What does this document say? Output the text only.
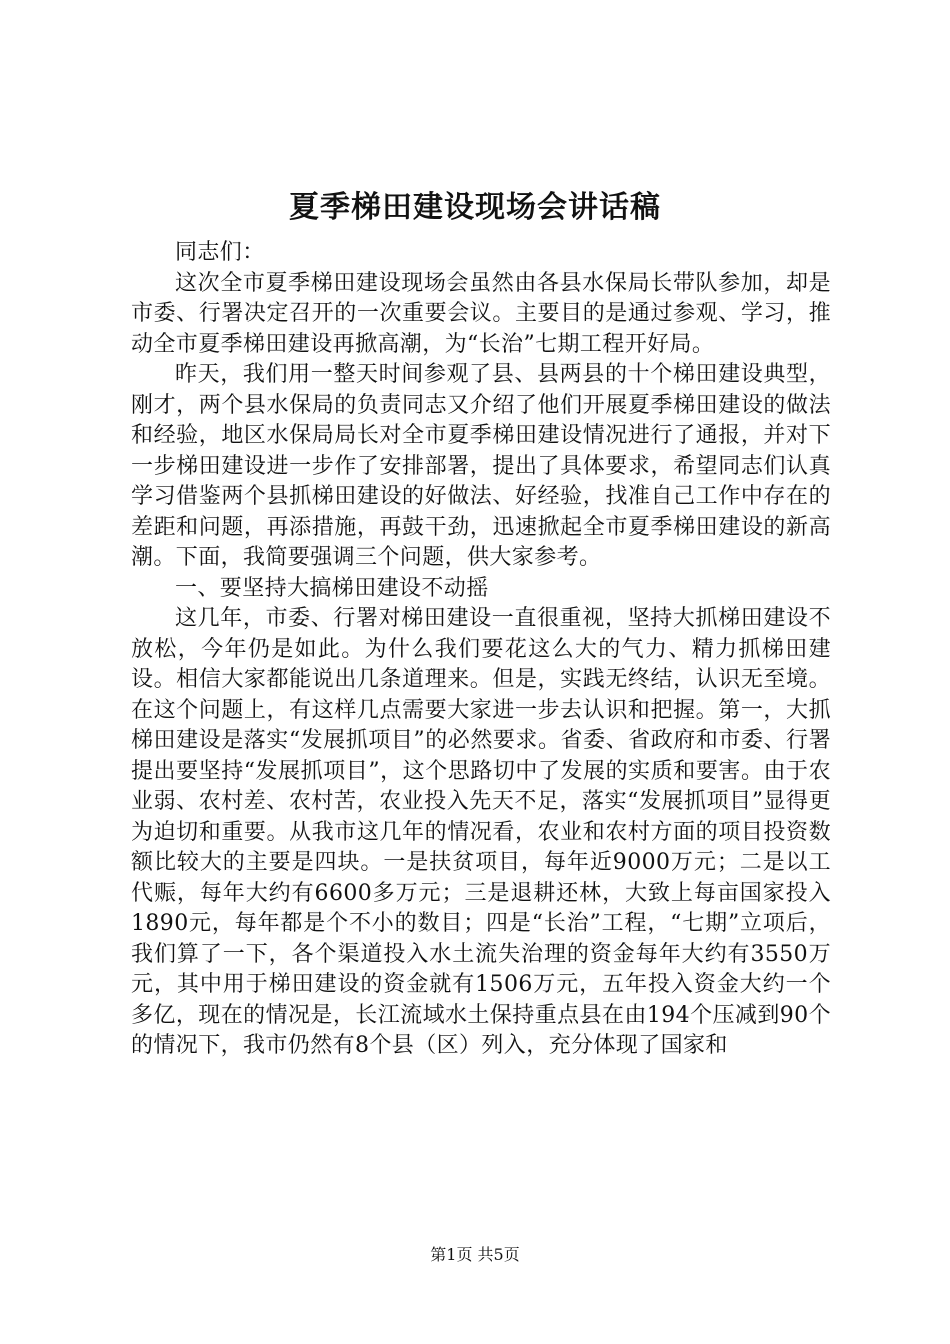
夏季梯田建设现场会讲话稿

同志们：

这次全市夏季梯田建设现场会虽然由各县水保局长带队参加，却是市委、行署决定召开的一次重要会议。主要目的是通过参观、学习，推动全市夏季梯田建设再掀高潮，为“长治”七期工程开好局。

昨天，我们用一整天时间参观了县、县两县的十个梯田建设典型，刚才，两个县水保局的负责同志又介绍了他们开展夏季梯田建设的做法和经验，地区水保局局长对全市夏季梯田建设情况进行了通报，并对下一步梯田建设进一步作了安排部署，提出了具体要求，希望同志们认真学习借鉴两个县抓梯田建设的好做法、好经验，找准自己工作中存在的差距和问题，再添措施，再鼓干劲，迅速掀起全市夏季梯田建设的新高潮。下面，我简要强调三个问题，供大家参考。

一、要坚持大搞梯田建设不动摇

这几年，市委、行署对梯田建设一直很重视，坚持大抓梯田建设不放松，今年仍是如此。为什么我们要花这么大的气力、精力抓梯田建设。相信大家都能说出几条道理来。但是，实践无终结，认识无至境。在这个问题上，有这样几点需要大家进一步去认识和把握。第一，大抓梯田建设是落实“发展抓项目”的必然要求。省委、省政府和市委、行署提出要坚持“发展抓项目”，这个思路切中了发展的实质和要害。由于农业弱、农村差、农村苦，农业投入先天不足，落实“发展抓项目”显得更为迫切和重要。从我市这几年的情况看，农业和农村方面的项目投资数额比较大的主要是四块。一是扶贫项目，每年近9000万元；二是以工代赈，每年大约有6600多万元；三是退耕还林，大致上每亩国家投入1890元，每年都是个不小的数目；四是“长治”工程，“七期”立项后，我们算了一下，各个渠道投入水土流失治理的资金每年大约有3550万元，其中用于梯田建设的资金就有1506万元，五年投入资金大约一个多亿，现在的情况是，长江流域水土保持重点县在由194个压减到90个的情况下，我市仍然有8个县（区）列入，充分体现了国家和

第1页 共5页
